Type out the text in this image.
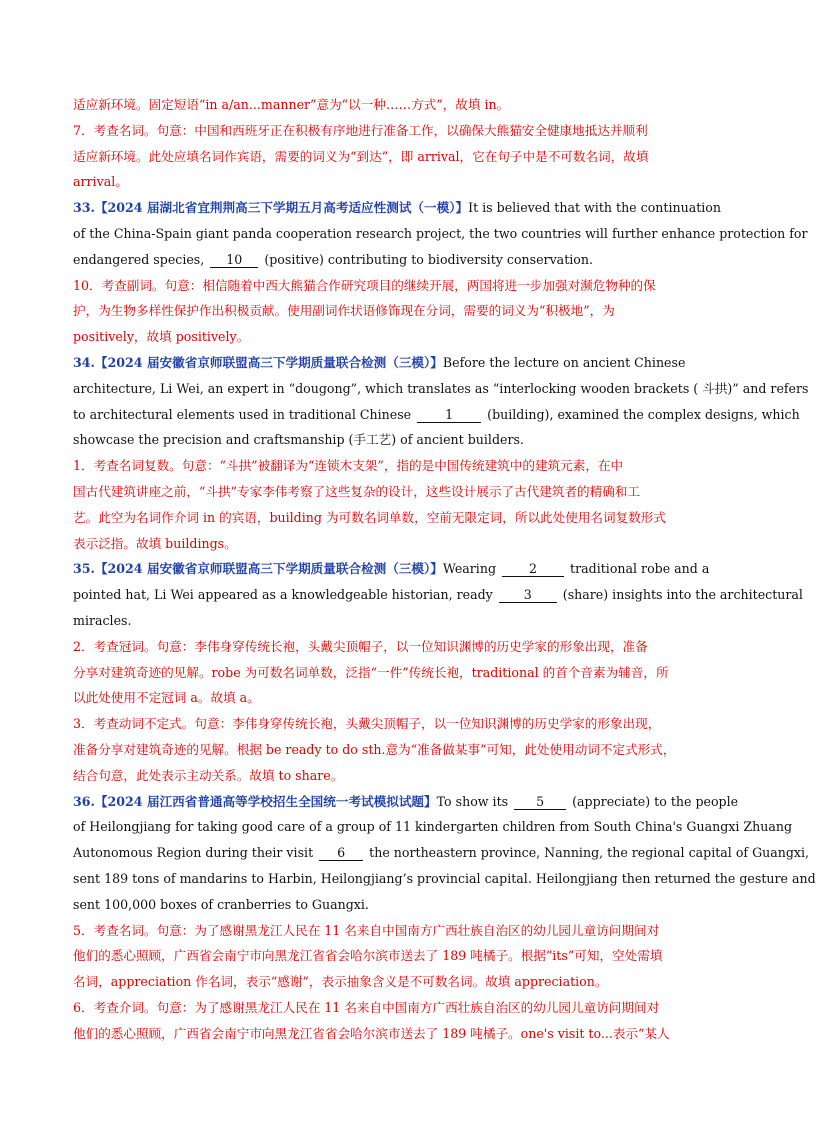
适应新环境。固定短语“in a/an...manner”意为“以一种……方式”，故填 in。
7．考查名词。句意：中国和西班牙正在积极有序地进行准备工作，以确保大熊猫安全健康地抵达并顺利
适应新环境。此处应填名词作宾语，需要的词义为“到达”，即 arrival，它在句子中是不可数名词，故填
arrival。
33.【2024 届湖北省宜荆荆高三下学期五月高考适应性测试（一模）】It is believed that with the continuation
of the China-Spain giant panda cooperation research project, the two countries will further enhance protection for
endangered species, 10 (positive) contributing to biodiversity conservation.
10．考查副词。句意：相信随着中西大熊猫合作研究项目的继续开展，两国将进一步加强对濒危物种的保
护，为生物多样性保护作出积极贡献。使用副词作状语修饰现在分词，需要的词义为“积极地”，为
positively，故填 positively。
34.【2024 届安徽省京师联盟高三下学期质量联合检测（三模）】Before the lecture on ancient Chinese
architecture, Li Wei, an expert in “dougong”, which translates as “interlocking wooden brackets ( 斗拱)” and refers
to architectural elements used in traditional Chinese	1	(building), examined the complex designs, which
showcase the precision and craftsmanship (手工艺) of ancient builders.
1．考查名词复数。句意：“斗拱”被翻译为“连锁木支架”，指的是中国传统建筑中的建筑元素，在中
国古代建筑讲座之前，“斗拱”专家李伟考察了这些复杂的设计，这些设计展示了古代建筑者的精确和工
艺。此空为名词作介词 in 的宾语，building 为可数名词单数，空前无限定词，所以此处使用名词复数形式
表示泛指。故填 buildings。
35.【2024 届安徽省京师联盟高三下学期质量联合检测（三模）】Wearing	2	traditional robe and a
pointed hat, Li Wei appeared as a knowledgeable historian, ready 3 (share) insights into the architectural
miracles.
2．考查冠词。句意：李伟身穿传统长袍，头戴尖顶帽子，以一位知识渊博的历史学家的形象出现，准备
分享对建筑奇迹的见解。robe 为可数名词单数，泛指“一件”传统长袍，traditional 的首个音素为辅音，所
以此处使用不定冠词 a。故填 a。
3．考查动词不定式。句意：李伟身穿传统长袍，头戴尖顶帽子，以一位知识渊博的历史学家的形象出现，
准备分享对建筑奇迹的见解。根据 be ready to do sth.意为“准备做某事”可知，此处使用动词不定式形式，
结合句意，此处表示主动关系。故填 to share。
36.【2024 届江西省普通高等学校招生全国统一考试模拟试题】To show its 5 (appreciate) to the people
of Heilongjiang for taking good care of a group of 11 kindergarten children from South China's Guangxi Zhuang
Autonomous Region during their visit 6 the northeastern province, Nanning, the regional capital of Guangxi,
sent 189 tons of mandarins to Harbin, Heilongjiang’s provincial capital. Heilongjiang then returned the gesture and
sent 100,000 boxes of cranberries to Guangxi.
5．考查名词。句意：为了感谢黑龙江人民在 11 名来自中国南方广西壮族自治区的幼儿园儿童访问期间对
他们的悉心照顾，广西省会南宁市向黑龙江省省会哈尔滨市送去了 189 吨橘子。根据“its”可知，空处需填
名词，appreciation 作名词，表示“感谢”，表示抽象含义是不可数名词。故填 appreciation。
6．考查介词。句意：为了感谢黑龙江人民在 11 名来自中国南方广西壮族自治区的幼儿园儿童访问期间对
他们的悉心照顾，广西省会南宁市向黑龙江省省会哈尔滨市送去了 189 吨橘子。one's visit to...表示“某人
